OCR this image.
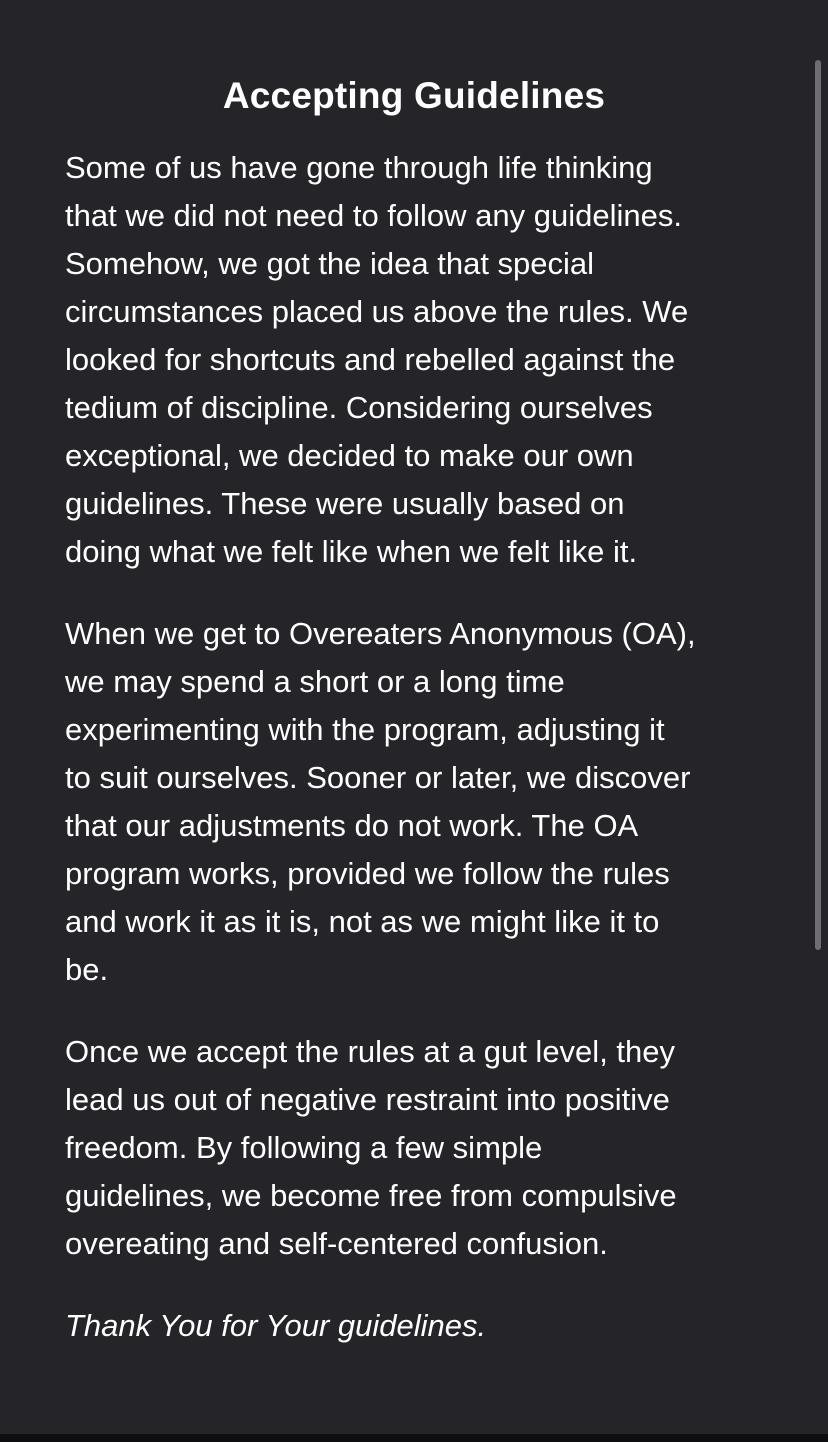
Accepting Guidelines

Some of us have gone through life thinking
that we did not need to follow any guidelines.
Somehow, we got the idea that special
circumstances placed us above the rules. We
looked for shortcuts and rebelled against the
tedium of discipline. Considering ourselves
exceptional, we decided to make our own
guidelines. These were usually based on
doing what we felt like when we felt like it.

When we get to Overeaters Anonymous (OA),
we may spend a short or a long time
experimenting with the program, adjusting it
to suit ourselves. Sooner or later, we discover
that our adjustments do not work. The OA
program works, provided we follow the rules
and work it as it is, not as we might like it to
be.

Once we accept the rules at a gut level, they
lead us out of negative restraint into positive
freedom. By following a few simple
guidelines, we become free from compulsive
overeating and self-centered confusion.

Thank You for Your guidelines.
